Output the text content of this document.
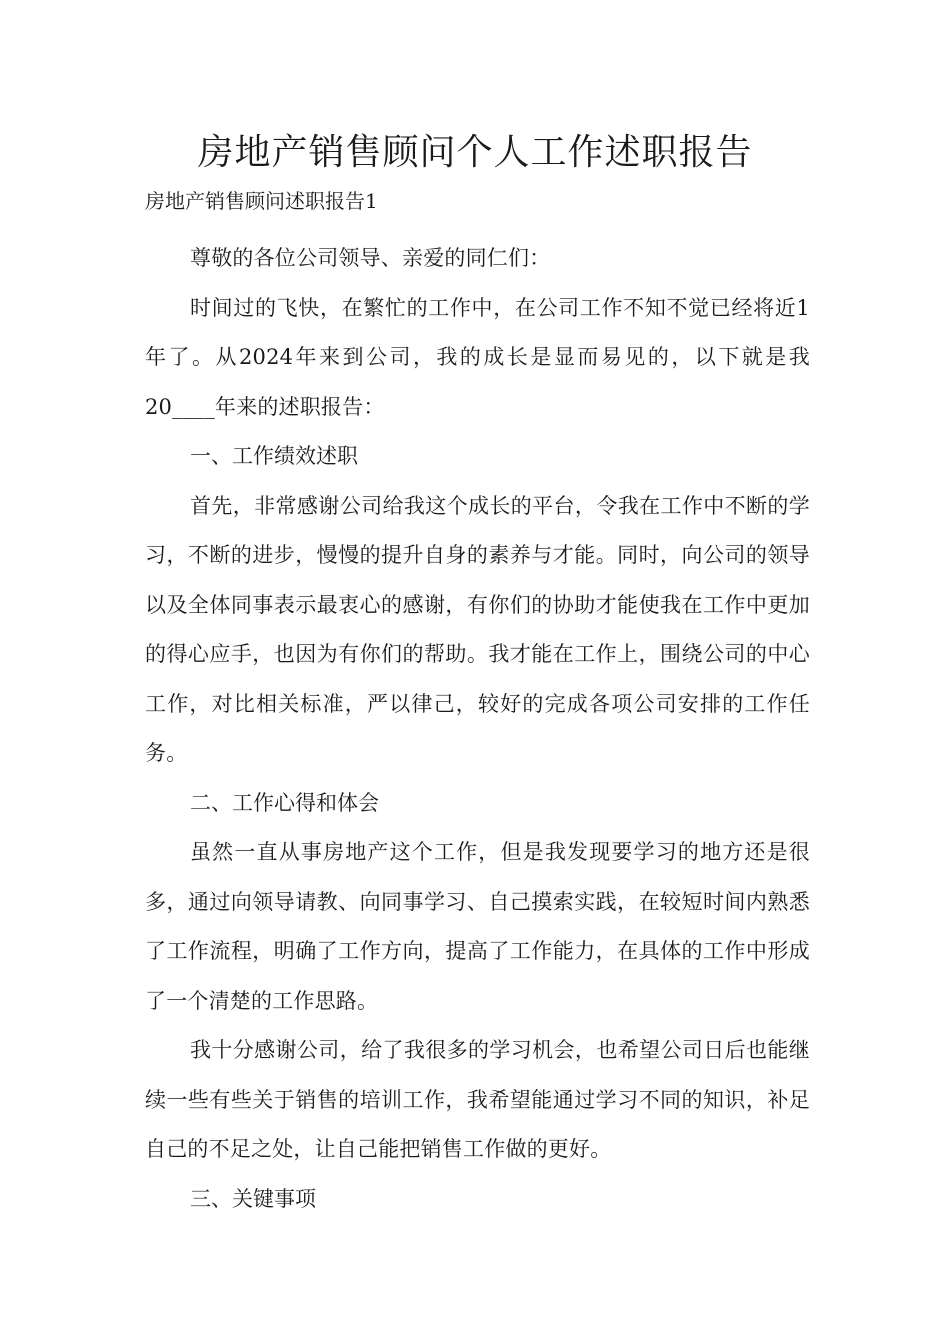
房地产销售顾问个人工作述职报告

房地产销售顾问述职报告1

尊敬的各位公司领导、亲爱的同仁们：

时间过的飞快，在繁忙的工作中，在公司工作不知不觉已经将近1年了。从2024年来到公司，我的成长是显而易见的，以下就是我20____年来的述职报告：

一、工作绩效述职

首先，非常感谢公司给我这个成长的平台，令我在工作中不断的学习，不断的进步，慢慢的提升自身的素养与才能。同时，向公司的领导以及全体同事表示最衷心的感谢，有你们的协助才能使我在工作中更加的得心应手，也因为有你们的帮助。我才能在工作上，围绕公司的中心工作，对比相关标准，严以律己，较好的完成各项公司安排的工作任务。

二、工作心得和体会

虽然一直从事房地产这个工作，但是我发现要学习的地方还是很多，通过向领导请教、向同事学习、自己摸索实践，在较短时间内熟悉了工作流程，明确了工作方向，提高了工作能力，在具体的工作中形成了一个清楚的工作思路。

我十分感谢公司，给了我很多的学习机会，也希望公司日后也能继续一些有些关于销售的培训工作，我希望能通过学习不同的知识，补足自己的不足之处，让自己能把销售工作做的更好。

三、关键事项
